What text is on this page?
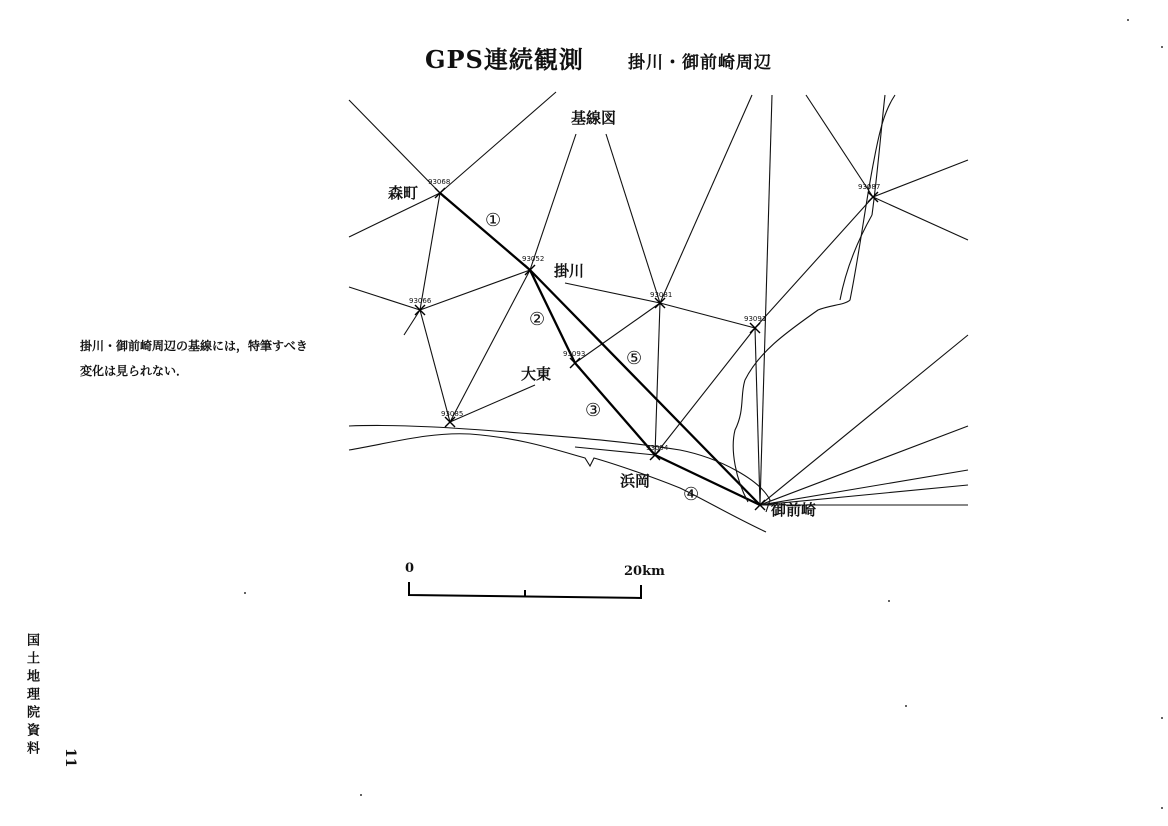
GPS連続観測	掛川・御前崎周辺
基線図
森町
掛川
大東
浜岡
御前崎
93068
93052
93066
93081
93093
93085
93094
93091
93087
①
②
③
④
⑤
掛川・御前崎周辺の基線には，特筆すべき
変化は見られない．
0	20km
国土地理院資料 11
